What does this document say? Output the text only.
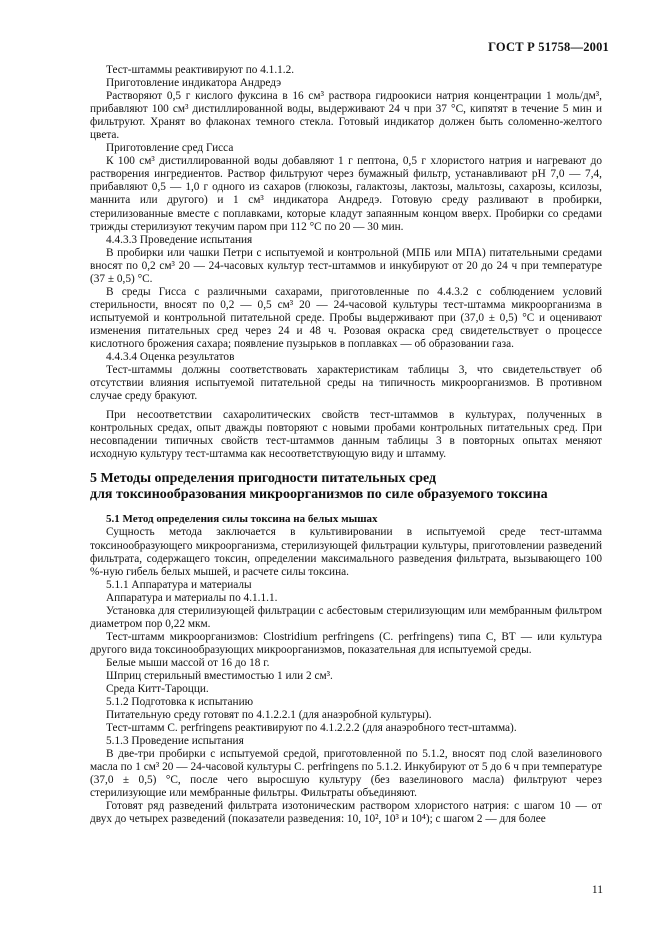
ГОСТ Р 51758—2001

Тест-штаммы реактивируют по 4.1.1.2.

Приготовление индикатора Андредэ

Растворяют 0,5 г кислого фуксина в 16 см³ раствора гидроокиси натрия концентрации 1 моль/дм³, прибавляют 100 см³ дистиллированной воды, выдерживают 24 ч при 37 °С, кипятят в течение 5 мин и фильтруют. Хранят во флаконах темного стекла. Готовый индикатор должен быть соломенно-желтого цвета.

Приготовление сред Гисса

К 100 см³ дистиллированной воды добавляют 1 г пептона, 0,5 г хлористого натрия и нагревают до растворения ингредиентов. Раствор фильтруют через бумажный фильтр, устанавливают pH 7,0 — 7,4, прибавляют 0,5 — 1,0 г одного из сахаров (глюкозы, галактозы, лактозы, мальтозы, сахарозы, ксилозы, маннита или другого) и 1 см³ индикатора Андредэ. Готовую среду разливают в пробирки, стерилизованные вместе с поплавками, которые кладут запаянным концом вверх. Пробирки со средами трижды стерилизуют текучим паром при 112 °С по 20 — 30 мин.

4.4.3.3 Проведение испытания

В пробирки или чашки Петри с испытуемой и контрольной (МПБ или МПА) питательными средами вносят по 0,2 см³ 20 — 24-часовых культур тест-штаммов и инкубируют от 20 до 24 ч при температуре (37 ± 0,5) °С.

В среды Гисса с различными сахарами, приготовленные по 4.4.3.2 с соблюдением условий стерильности, вносят по 0,2 — 0,5 см³ 20 — 24-часовой культуры тест-штамма микроорганизма в испытуемой и контрольной питательной среде. Пробы выдерживают при (37,0 ± 0,5) °С и оценивают изменения питательных сред через 24 и 48 ч. Розовая окраска сред свидетельствует о процессе кислотного брожения сахара; появление пузырьков в поплавках — об образовании газа.

4.4.3.4 Оценка результатов

Тест-штаммы должны соответствовать характеристикам таблицы 3, что свидетельствует об отсутствии влияния испытуемой питательной среды на типичность микроорганизмов. В противном случае среду бракуют.

При несоответствии сахаролитических свойств тест-штаммов в культурах, полученных в контрольных средах, опыт дважды повторяют с новыми пробами контрольных питательных сред. При несовпадении типичных свойств тест-штаммов данным таблицы 3 в повторных опытах меняют исходную культуру тест-штамма как несоответствующую виду и штамму.

5 Методы определения пригодности питательных сред
для токсинообразования микроорганизмов по силе образуемого токсина

5.1 Метод определения силы токсина на белых мышах

Сущность метода заключается в культивировании в испытуемой среде тест-штамма токсинообразующего микроорганизма, стерилизующей фильтрации культуры, приготовлении разведений фильтрата, содержащего токсин, определении максимального разведения фильтрата, вызывающего 100 %-ную гибель белых мышей, и расчете силы токсина.

5.1.1 Аппаратура и материалы

Аппаратура и материалы по 4.1.1.1.

Установка для стерилизующей фильтрации с асбестовым стерилизующим или мембранным фильтром диаметром пор 0,22 мкм.

Тест-штамм микроорганизмов: Clostridium perfringens (С. perfringens) типа С, ВТ — или культура другого вида токсинообразующих микроорганизмов, показательная для испытуемой среды.

Белые мыши массой от 16 до 18 г.

Шприц стерильный вместимостью 1 или 2 см³.

Среда Китт-Тароцци.

5.1.2 Подготовка к испытанию

Питательную среду готовят по 4.1.2.2.1 (для анаэробной культуры).

Тест-штамм С. perfringens реактивируют по 4.1.2.2.2 (для анаэробного тест-штамма).

5.1.3 Проведение испытания

В две-три пробирки с испытуемой средой, приготовленной по 5.1.2, вносят под слой вазелинового масла по 1 см³ 20 — 24-часовой культуры С. perfringens по 5.1.2. Инкубируют от 5 до 6 ч при температуре (37,0 ± 0,5) °С, после чего выросшую культуру (без вазелинового масла) фильтруют через стерилизующие или мембранные фильтры. Фильтраты объединяют.

Готовят ряд разведений фильтрата изотоническим раствором хлористого натрия: с шагом 10 — от двух до четырех разведений (показатели разведения: 10, 10², 10³ и 10⁴); с шагом 2 — для более

11
